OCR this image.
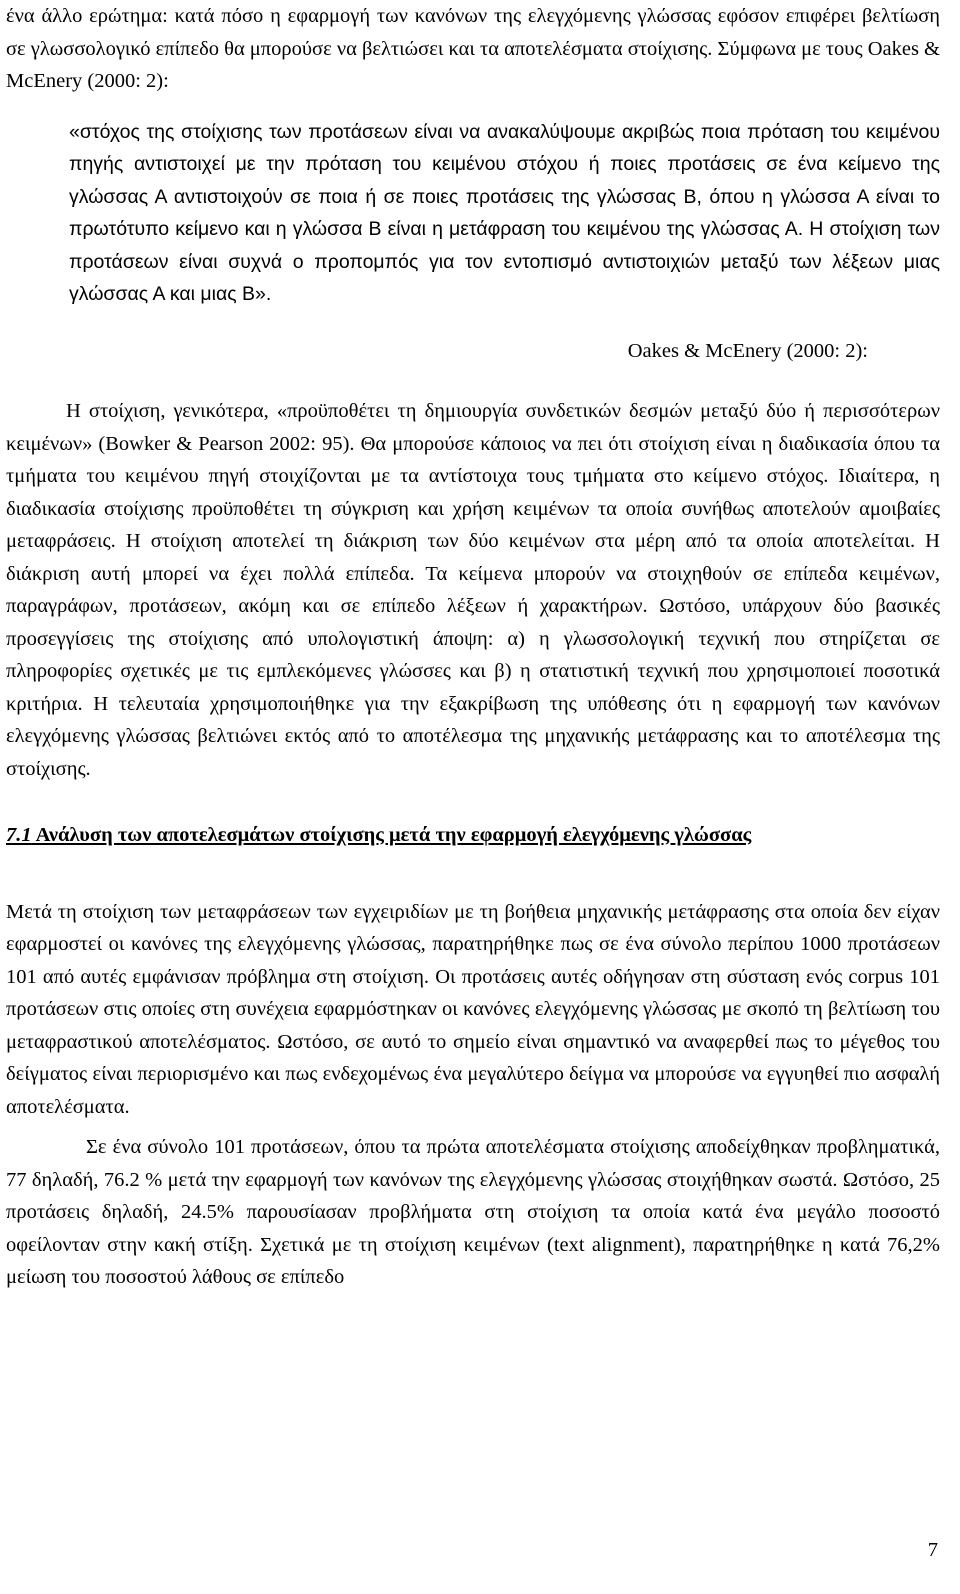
ένα άλλο ερώτημα: κατά πόσο η εφαρμογή των κανόνων της ελεγχόμενης γλώσσας εφόσον επιφέρει βελτίωση σε γλωσσολογικό επίπεδο θα μπορούσε να βελτιώσει και τα αποτελέσματα στοίχισης. Σύμφωνα με τους Oakes & McEnery (2000: 2):

«στόχος της στοίχισης των προτάσεων είναι να ανακαλύψουμε ακριβώς ποια πρόταση του κειμένου πηγής αντιστοιχεί με την πρόταση του κειμένου στόχου ή ποιες προτάσεις σε ένα κείμενο της γλώσσας Α αντιστοιχούν σε ποια ή σε ποιες προτάσεις της γλώσσας Β, όπου η γλώσσα Α είναι το πρωτότυπο κείμενο και η γλώσσα Β είναι η μετάφραση του κειμένου της γλώσσας Α. Η στοίχιση των προτάσεων είναι συχνά ο προπομπός για τον εντοπισμό αντιστοιχιών μεταξύ των λέξεων μιας γλώσσας Α και μιας Β».

Oakes & McEnery (2000: 2):

Η στοίχιση, γενικότερα, «προϋποθέτει τη δημιουργία συνδετικών δεσμών μεταξύ δύο ή περισσότερων κειμένων» (Bowker & Pearson 2002: 95). Θα μπορούσε κάποιος να πει ότι στοίχιση είναι η διαδικασία όπου τα τμήματα του κειμένου πηγή στοιχίζονται με τα αντίστοιχα τους τμήματα στο κείμενο στόχος. Ιδιαίτερα, η διαδικασία στοίχισης προϋποθέτει τη σύγκριση και χρήση κειμένων τα οποία συνήθως αποτελούν αμοιβαίες μεταφράσεις. Η στοίχιση αποτελεί τη διάκριση των δύο κειμένων στα μέρη από τα οποία αποτελείται. Η διάκριση αυτή μπορεί να έχει πολλά επίπεδα. Τα κείμενα μπορούν να στοιχηθούν σε επίπεδα κειμένων, παραγράφων, προτάσεων, ακόμη και σε επίπεδο λέξεων ή χαρακτήρων. Ωστόσο, υπάρχουν δύο βασικές προσεγγίσεις της στοίχισης από υπολογιστική άποψη: α) η γλωσσολογική τεχνική που στηρίζεται σε πληροφορίες σχετικές με τις εμπλεκόμενες γλώσσες και β) η στατιστική τεχνική που χρησιμοποιεί ποσοτικά κριτήρια. Η τελευταία χρησιμοποιήθηκε για την εξακρίβωση της υπόθεσης ότι η εφαρμογή των κανόνων ελεγχόμενης γλώσσας βελτιώνει εκτός από το αποτέλεσμα της μηχανικής μετάφρασης και το αποτέλεσμα της στοίχισης.

7.1 Ανάλυση των αποτελεσμάτων στοίχισης μετά την εφαρμογή ελεγχόμενης γλώσσας

Μετά τη στοίχιση των μεταφράσεων των εγχειριδίων με τη βοήθεια μηχανικής μετάφρασης στα οποία δεν είχαν εφαρμοστεί οι κανόνες της ελεγχόμενης γλώσσας, παρατηρήθηκε πως σε ένα σύνολο περίπου 1000 προτάσεων 101 από αυτές εμφάνισαν πρόβλημα στη στοίχιση. Οι προτάσεις αυτές οδήγησαν στη σύσταση ενός corpus 101 προτάσεων στις οποίες στη συνέχεια εφαρμόστηκαν οι κανόνες ελεγχόμενης γλώσσας με σκοπό τη βελτίωση του μεταφραστικού αποτελέσματος. Ωστόσο, σε αυτό το σημείο είναι σημαντικό να αναφερθεί πως το μέγεθος του δείγματος είναι περιορισμένο και πως ενδεχομένως ένα μεγαλύτερο δείγμα να μπορούσε να εγγυηθεί πιο ασφαλή αποτελέσματα.

Σε ένα σύνολο 101 προτάσεων, όπου τα πρώτα αποτελέσματα στοίχισης αποδείχθηκαν προβληματικά, 77 δηλαδή, 76.2 % μετά την εφαρμογή των κανόνων της ελεγχόμενης γλώσσας στοιχήθηκαν σωστά. Ωστόσο, 25 προτάσεις δηλαδή, 24.5% παρουσίασαν προβλήματα στη στοίχιση τα οποία κατά ένα μεγάλο ποσοστό οφείλονταν στην κακή στίξη. Σχετικά με τη στοίχιση κειμένων (text alignment), παρατηρήθηκε η κατά 76,2% μείωση του ποσοστού λάθους σε επίπεδο

7
